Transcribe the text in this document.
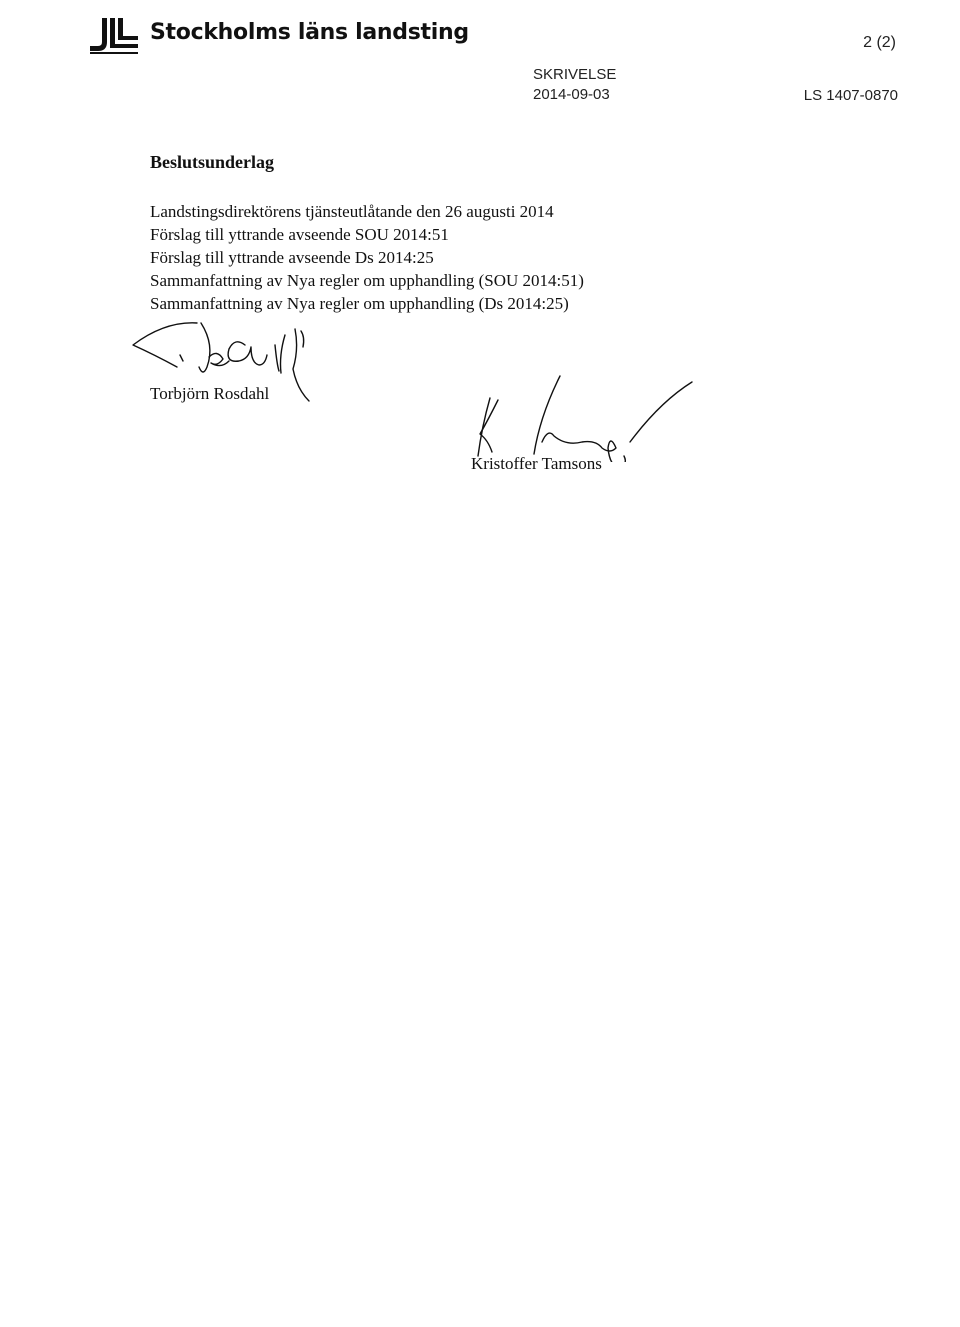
Stockholms läns landsting	2 (2)
SKRIVELSE
2014-09-03	LS 1407-0870
Beslutsunderlag
Landstingsdirektörens tjänsteutlåtande den 26 augusti 2014
Förslag till yttrande avseende SOU 2014:51
Förslag till yttrande avseende Ds 2014:25
Sammanfattning av Nya regler om upphandling (SOU 2014:51)
Sammanfattning av Nya regler om upphandling (Ds 2014:25)
Torbjörn Rosdahl
Kristoffer Tamsons
